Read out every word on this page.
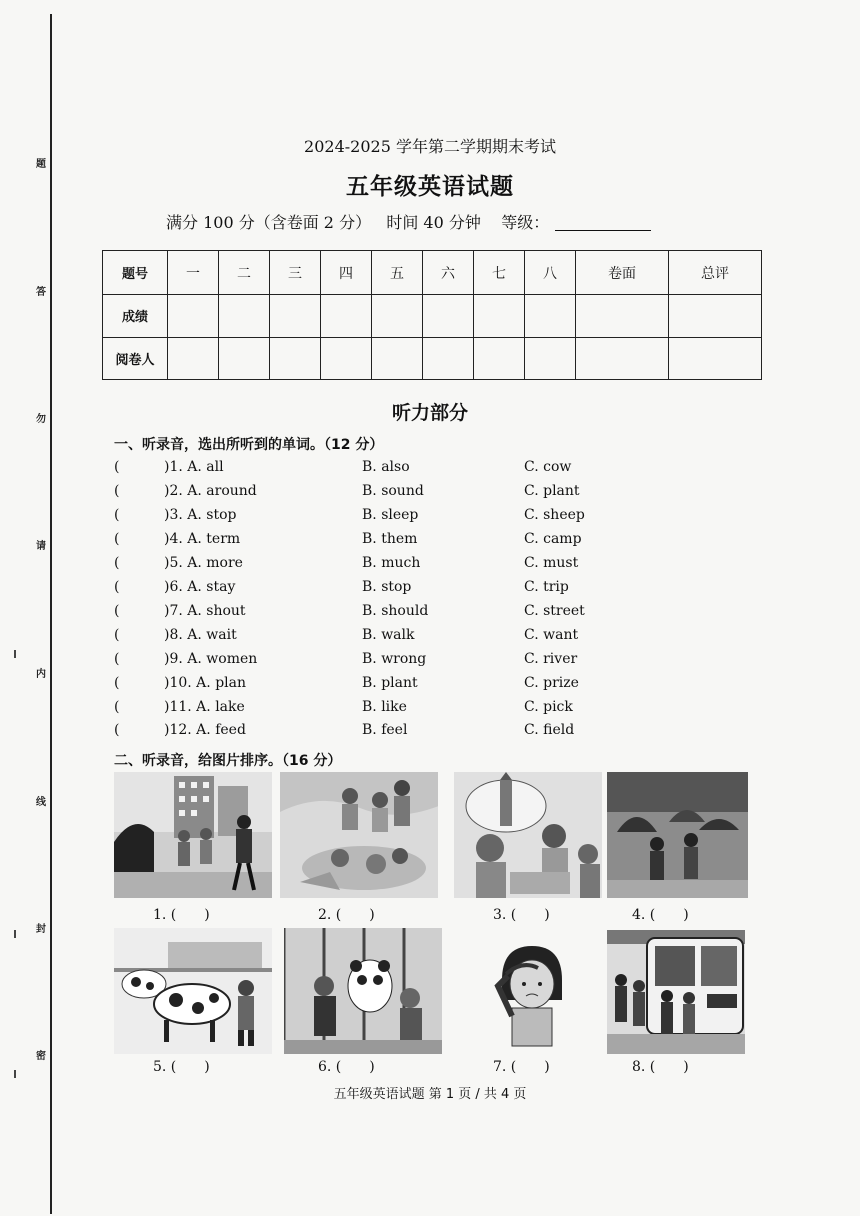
题
答
勿
请
内
线
封
密
2024-2025 学年第二学期期末考试
五年级英语试题
满分 100 分（含卷面 2 分） 时间 40 分钟 等级：
题号	一	二	三	四	五	六	七	八	卷面	总评
成绩										
阅卷人										
听力部分
一、听录音，选出所听到的单词。（12 分）
(	)1. A. all	B. also	C. cow
(	)2. A. around	B. sound	C. plant
(	)3. A. stop	B. sleep	C. sheep
(	)4. A. term	B. them	C. camp
(	)5. A. more	B. much	C. must
(	)6. A. stay	B. stop	C. trip
(	)7. A. shout	B. should	C. street
(	)8. A. wait	B. walk	C. want
(	)9. A. women	B. wrong	C. river
(	)10. A. plan	B. plant	C. prize
(	)11. A. lake	B. like	C. pick
(	)12. A. feed	B. feel	C. field
二、听录音，给图片排序。（16 分）
1. (　　)	2. (　　)	3. (　　)	4. (　　)
5. (　　)	6. (　　)	7. (　　)	8. (　　)
五年级英语试题 第 1 页 / 共 4 页
